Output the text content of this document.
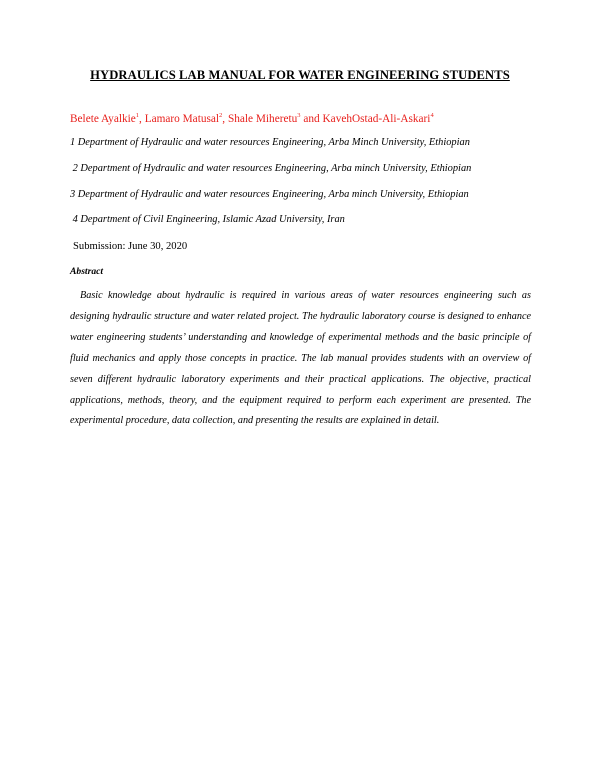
HYDRAULICS LAB MANUAL FOR WATER ENGINEERING STUDENTS
Belete Ayalkie$^1$, Lamaro Matusal$^2$, Shale Miheretu$^3$ and KavehOstad-Ali-Askari$^4$
1 Department of Hydraulic and water resources Engineering, Arba Minch University, Ethiopian
2 Department of Hydraulic and water resources Engineering, Arba minch University, Ethiopian
3 Department of Hydraulic and water resources Engineering, Arba minch University, Ethiopian
4 Department of Civil Engineering, Islamic Azad University, Iran
Submission: June 30, 2020
Abstract

Basic knowledge about hydraulic is required in various areas of water resources engineering such as designing hydraulic structure and water related project. The hydraulic laboratory course is designed to enhance water engineering students’ understanding and knowledge of experimental methods and the basic principle of fluid mechanics and apply those concepts in practice. The lab manual provides students with an overview of seven different hydraulic laboratory experiments and their practical applications. The objective, practical applications, methods, theory, and the equipment required to perform each experiment are presented. The experimental procedure, data collection, and presenting the results are explained in detail.
